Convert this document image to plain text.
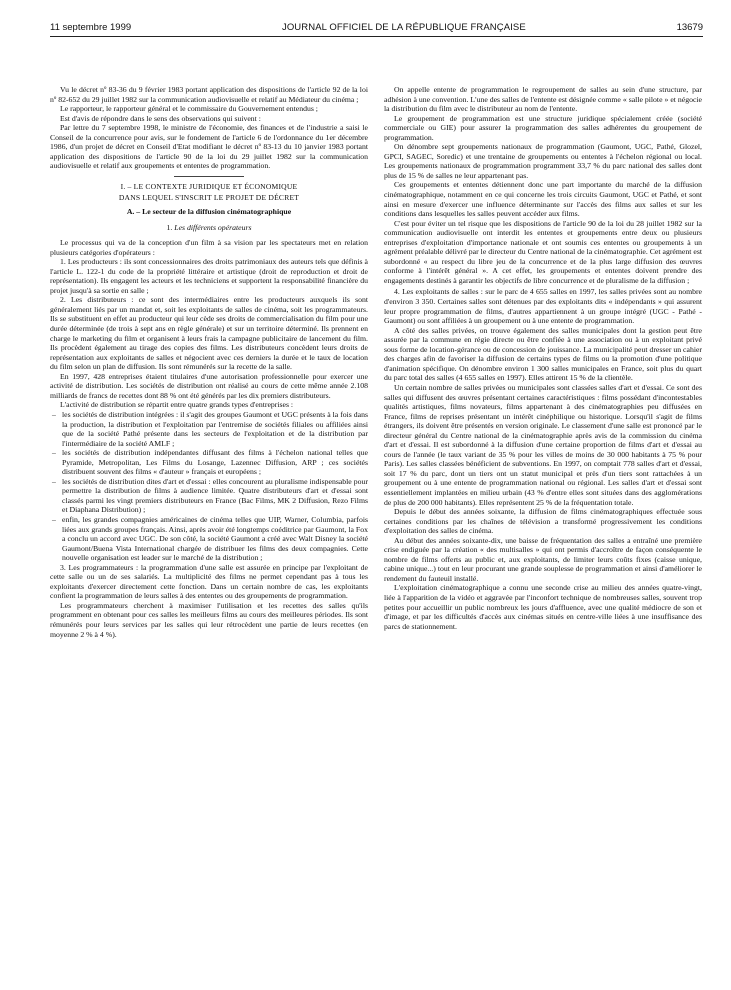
11 septembre 1999	JOURNAL OFFICIEL DE LA RÉPUBLIQUE FRANÇAISE	13679

Vu le décret nº 83-36 du 9 février 1983 portant application des dispositions de l'article 92 de la loi nº 82-652 du 29 juillet 1982 sur la communication audiovisuelle et relatif au Médiateur du cinéma ;

Le rapporteur, le rapporteur général et le commissaire du Gouvernement entendus ;

Est d'avis de répondre dans le sens des observations qui suivent :

Par lettre du 7 septembre 1998, le ministre de l'économie, des finances et de l'industrie a saisi le Conseil de la concurrence pour avis, sur le fondement de l'article 6 de l'ordonnance du 1er décembre 1986, d'un projet de décret en Conseil d'Etat modifiant le décret nº 83-13 du 10 janvier 1983 portant application des dispositions de l'article 90 de la loi du 29 juillet 1982 sur la communication audiovisuelle et relatif aux groupements et ententes de programmation.

I. – LE CONTEXTE JURIDIQUE ET ÉCONOMIQUE
DANS LEQUEL S'INSCRIT LE PROJET DE DÉCRET
A. – Le secteur de la diffusion cinématographique
1. Les différents opérateurs

Le processus qui va de la conception d'un film à sa vision par les spectateurs met en relation plusieurs catégories d'opérateurs :

1. Les producteurs : ils sont concessionnaires des droits patrimoniaux des auteurs tels que définis à l'article L. 122-1 du code de la propriété littéraire et artistique (droit de reproduction et droit de représentation). Ils engagent les acteurs et les techniciens et supportent la responsabilité financière du projet jusqu'à sa sortie en salle ;

2. Les distributeurs : ce sont des intermédiaires entre les producteurs auxquels ils sont généralement liés par un mandat et, soit les exploitants de salles de cinéma, soit les programmateurs. Ils se substituent en effet au producteur qui leur cède ses droits de commercialisation du film pour une durée déterminée (de trois à sept ans en règle générale) et sur un territoire déterminé. Ils prennent en charge le marketing du film et organisent à leurs frais la campagne publicitaire de lancement du film. Ils procèdent également au tirage des copies des films. Les distributeurs concèdent leurs droits de représentation aux exploitants de salles et négocient avec ces derniers la durée et le taux de location du film selon un plan de diffusion. Ils sont rémunérés sur la recette de la salle.

En 1997, 428 entreprises étaient titulaires d'une autorisation professionnelle pour exercer une activité de distribution. Les sociétés de distribution ont réalisé au cours de cette même année 2.108 milliards de francs de recettes dont 88 % ont été générés par les dix premiers distributeurs.

L'activité de distribution se répartit entre quatre grands types d'entreprises :

– les sociétés de distribution intégrées : il s'agit des groupes Gaumont et UGC présents à la fois dans la production, la distribution et l'exploitation par l'entremise de sociétés filiales ou affiliées ainsi que de la société Pathé présente dans les secteurs de l'exploitation et de la distribution par l'intermédiaire de la société AMLF ;
– les sociétés de distribution indépendantes diffusant des films à l'échelon national telles que Pyramide, Metropolitan, Les Films du Losange, Lazennec Diffusion, ARP ; ces sociétés distribuent souvent des films « d'auteur » français et européens ;
– les sociétés de distribution dites d'art et d'essai : elles concourent au pluralisme indispensable pour permettre la distribution de films à audience limitée. Quatre distributeurs d'art et d'essai sont classés parmi les vingt premiers distributeurs en France (Bac Films, MK 2 Diffusion, Rezo Films et Diaphana Distribution) ;
– enfin, les grandes compagnies américaines de cinéma telles que UIP, Warner, Columbia, parfois liées aux grands groupes français. Ainsi, après avoir été longtemps coéditrice par Gaumont, la Fox a conclu un accord avec UGC. De son côté, la société Gaumont a créé avec Walt Disney la société Gaumont/Buena Vista International chargée de distribuer les films des deux compagnies. Cette nouvelle organisation est leader sur le marché de la distribution ;

3. Les programmateurs : la programmation d'une salle est assurée en principe par l'exploitant de cette salle ou un de ses salariés. La multiplicité des films ne permet cependant pas à tous les exploitants d'exercer directement cette fonction. Dans un certain nombre de cas, les exploitants confient la programmation de leurs salles à des ententes ou des groupements de programmation.

Les programmateurs cherchent à maximiser l'utilisation et les recettes des salles qu'ils programment en obtenant pour ces salles les meilleurs films au cours des meilleures périodes. Ils sont rémunérés pour leurs services par les salles qui leur rétrocèdent une partie de leurs recettes (en moyenne 2 % à 4 %).

On appelle entente de programmation le regroupement de salles au sein d'une structure, par adhésion à une convention. L'une des salles de l'entente est désignée comme « salle pilote » et négocie la distribution du film avec le distributeur au nom de l'entente.

Le groupement de programmation est une structure juridique spécialement créée (société commerciale ou GIE) pour assurer la programmation des salles adhérentes du groupement de programmation.

On dénombre sept groupements nationaux de programmation (Gaumont, UGC, Pathé, Glozel, GPCI, SAGEC, Soredic) et une trentaine de groupements ou ententes à l'échelon régional ou local. Les groupements nationaux de programmation programment 33,7 % du parc national des salles dont plus de 15 % de salles ne leur appartenant pas.

Ces groupements et ententes détiennent donc une part importante du marché de la diffusion cinématographique, notamment en ce qui concerne les trois circuits Gaumont, UGC et Pathé, et sont ainsi en mesure d'exercer une influence déterminante sur l'accès des films aux salles et sur les conditions dans lesquelles les salles peuvent accéder aux films.

C'est pour éviter un tel risque que les dispositions de l'article 90 de la loi du 28 juillet 1982 sur la communication audiovisuelle ont interdit les ententes et groupements entre deux ou plusieurs entreprises d'exploitation d'importance nationale et ont soumis ces ententes ou groupements à un agrément préalable délivré par le directeur du Centre national de la cinématographie. Cet agrément est subordonné « au respect du libre jeu de la concurrence et de la plus large diffusion des œuvres conforme à l'intérêt général ». A cet effet, les groupements et ententes doivent prendre des engagements destinés à garantir les objectifs de libre concurrence et de pluralisme de la diffusion ;

4. Les exploitants de salles : sur le parc de 4 655 salles en 1997, les salles privées sont au nombre d'environ 3 350. Certaines salles sont détenues par des exploitants dits « indépendants » qui assurent leur propre programmation de films, d'autres appartiennent à un groupe intégré (UGC - Pathé - Gaumont) ou sont affiliées à un groupement ou à une entente de programmation.

A côté des salles privées, on trouve également des salles municipales dont la gestion peut être assurée par la commune en régie directe ou être confiée à une association ou à un exploitant privé sous forme de location-gérance ou de concession de jouissance. La municipalité peut dresser un cahier des charges afin de favoriser la diffusion de certains types de films ou la promotion d'une politique d'animation spécifique. On dénombre environ 1 300 salles municipales en France, soit plus du quart du parc total des salles (4 655 salles en 1997). Elles attirent 15 % de la clientèle.

Un certain nombre de salles privées ou municipales sont classées salles d'art et d'essai. Ce sont des salles qui diffusent des œuvres présentant certaines caractéristiques : films possédant d'incontestables qualités artistiques, films novateurs, films appartenant à des cinématographies peu diffusées en France, films de reprises présentant un intérêt cinéphilique ou historique. Lorsqu'il s'agit de films étrangers, ils doivent être présentés en version originale. Le classement d'une salle est prononcé par le directeur général du Centre national de la cinématographie après avis de la commission du cinéma d'art et d'essai. Il est subordonné à la diffusion d'une certaine proportion de films d'art et d'essai au cours de l'année (le taux variant de 35 % pour les villes de moins de 30 000 habitants à 75 % pour Paris). Les salles classées bénéficient de subventions. En 1997, on comptait 778 salles d'art et d'essai, soit 17 % du parc, dont un tiers ont un statut municipal et près d'un tiers sont rattachées à un groupement ou à une entente de programmation national ou régional. Les salles d'art et d'essai sont essentiellement implantées en milieu urbain (43 % d'entre elles sont situées dans des agglomérations de plus de 200 000 habitants). Elles représentent 25 % de la fréquentation totale.

Depuis le début des années soixante, la diffusion de films cinématographiques effectuée sous certaines conditions par les chaînes de télévision a transformé progressivement les conditions d'exploitation des salles de cinéma.

Au début des années soixante-dix, une baisse de fréquentation des salles a entraîné une première crise endiguée par la création « des multisalles » qui ont permis d'accroître de façon conséquente le nombre de films offerts au public et, aux exploitants, de limiter leurs coûts fixes (caisse unique, cabine unique...) tout en leur procurant une grande souplesse de programmation et ainsi d'améliorer le rendement du fauteuil installé.

L'exploitation cinématographique a connu une seconde crise au milieu des années quatre-vingt, liée à l'apparition de la vidéo et aggravée par l'inconfort technique de nombreuses salles, souvent trop petites pour accueillir un public nombreux les jours d'affluence, avec une qualité médiocre de son et d'image, et par les difficultés d'accès aux cinémas situés en centre-ville liées à une insuffisance des parcs de stationnement.
